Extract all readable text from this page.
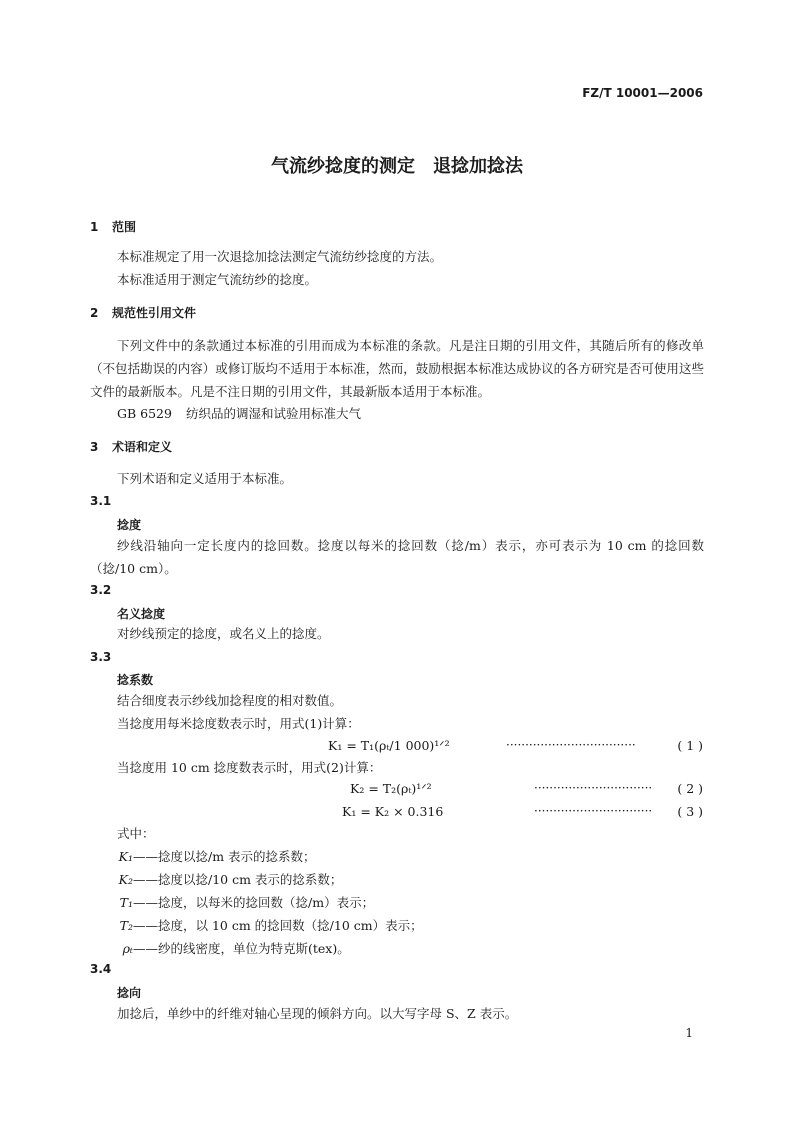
FZ/T 10001—2006
气流纱捻度的测定　退捻加捻法
1 范围
本标准规定了用一次退捻加捻法测定气流纺纱捻度的方法。
本标准适用于测定气流纺纱的捻度。
2 规范性引用文件
下列文件中的条款通过本标准的引用而成为本标准的条款。凡是注日期的引用文件，其随后所有的修改单（不包括勘误的内容）或修订版均不适用于本标准，然而，鼓励根据本标准达成协议的各方研究是否可使用这些文件的最新版本。凡是不注日期的引用文件，其最新版本适用于本标准。
GB 6529 纺织品的调湿和试验用标准大气
3 术语和定义
下列术语和定义适用于本标准。
3.1
捻度
纱线沿轴向一定长度内的捻回数。捻度以每米的捻回数（捻/m）表示，亦可表示为 10 cm 的捻回数（捻/10 cm）。
3.2
名义捻度
对纱线预定的捻度，或名义上的捻度。
3.3
捻系数
结合细度表示纱线加捻程度的相对数值。
当捻度用每米捻度数表示时，用式(1)计算：
K₁ = T₁(ρₜ/1 000)¹ᐟ²	··································	( 1 )
当捻度用 10 cm 捻度数表示时，用式(2)计算：
K₂ = T₂(ρₜ)¹ᐟ²	······························· ( 2 )
K₁ = K₂ × 0.316	······························· ( 3 )
式中：
K₁——捻度以捻/m 表示的捻系数；
K₂——捻度以捻/10 cm 表示的捻系数；
T₁——捻度，以每米的捻回数（捻/m）表示；
T₂——捻度，以 10 cm 的捻回数（捻/10 cm）表示；
ρₜ——纱的线密度，单位为特克斯(tex)。
3.4
捻向
加捻后，单纱中的纤维对轴心呈现的倾斜方向。以大写字母 S、Z 表示。
1
